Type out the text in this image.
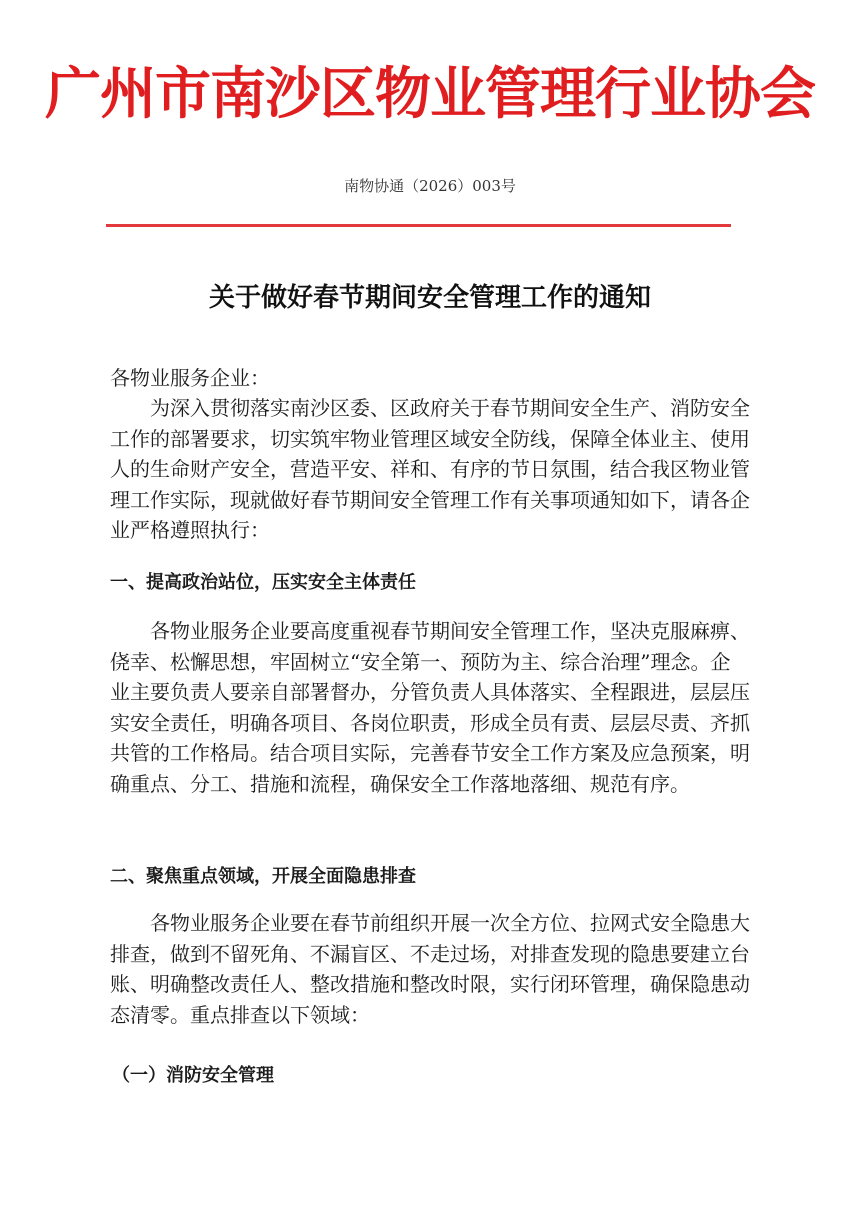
广州市南沙区物业管理行业协会
南物协通（2026）003号
关于做好春节期间安全管理工作的通知

各物业服务企业：

为深入贯彻落实南沙区委、区政府关于春节期间安全生产、消防安全工作的部署要求，切实筑牢物业管理区域安全防线，保障全体业主、使用人的生命财产安全，营造平安、祥和、有序的节日氛围，结合我区物业管理工作实际，现就做好春节期间安全管理工作有关事项通知如下，请各企业严格遵照执行：

一、提高政治站位，压实安全主体责任

各物业服务企业要高度重视春节期间安全管理工作，坚决克服麻痹、侥幸、松懈思想，牢固树立“安全第一、预防为主、综合治理”理念。企业主要负责人要亲自部署督办，分管负责人具体落实、全程跟进，层层压实安全责任，明确各项目、各岗位职责，形成全员有责、层层尽责、齐抓共管的工作格局。结合项目实际，完善春节安全工作方案及应急预案，明确重点、分工、措施和流程，确保安全工作落地落细、规范有序。

二、聚焦重点领域，开展全面隐患排查

各物业服务企业要在春节前组织开展一次全方位、拉网式安全隐患大排查，做到不留死角、不漏盲区、不走过场，对排查发现的隐患要建立台账、明确整改责任人、整改措施和整改时限，实行闭环管理，确保隐患动态清零。重点排查以下领域：

（一）消防安全管理
